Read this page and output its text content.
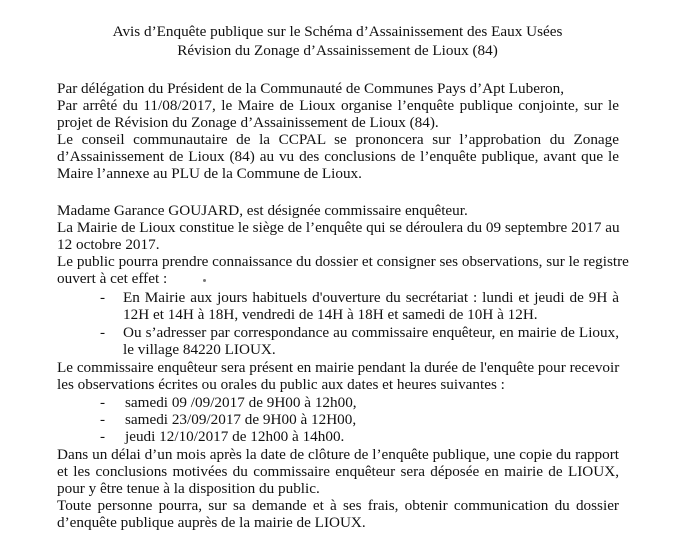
Avis d’Enquête publique sur le Schéma d’Assainissement des Eaux Usées
Révision du Zonage d’Assainissement de Lioux (84)
Par délégation du Président de la Communauté de Communes Pays d’Apt Luberon,
Par arrêté du 11/08/2017, le Maire de Lioux organise l’enquête publique conjointe, sur le
projet de Révision du Zonage d’Assainissement de Lioux (84).
Le conseil communautaire de la CCPAL se prononcera sur l’approbation du Zonage
d’Assainissement de Lioux (84) au vu des conclusions de l’enquête publique, avant que le
Maire l’annexe au PLU de la Commune de Lioux.
Madame Garance GOUJARD, est désignée commissaire enquêteur.
La Mairie de Lioux constitue le siège de l’enquête qui se déroulera du 09 septembre 2017 au
12 octobre 2017.
Le public pourra prendre connaissance du dossier et consigner ses observations, sur le registre
ouvert à cet effet :
- En Mairie aux jours habituels d'ouverture du secrétariat : lundi et jeudi de 9H à
12H et 14H à 18H, vendredi de 14H à 18H et samedi de 10H à 12H.
- Ou s’adresser par correspondance au commissaire enquêteur, en mairie de Lioux,
le village 84220 LIOUX.
Le commissaire enquêteur sera présent en mairie pendant la durée de l'enquête pour recevoir
les observations écrites ou orales du public aux dates et heures suivantes :
- samedi 09 /09/2017 de 9H00 à 12h00,
- samedi 23/09/2017 de 9H00 à 12H00,
- jeudi 12/10/2017 de 12h00 à 14h00.
Dans un délai d’un mois après la date de clôture de l’enquête publique, une copie du rapport
et les conclusions motivées du commissaire enquêteur sera déposée en mairie de LIOUX,
pour y être tenue à la disposition du public.
Toute personne pourra, sur sa demande et à ses frais, obtenir communication du dossier
d’enquête publique auprès de la mairie de LIOUX.
